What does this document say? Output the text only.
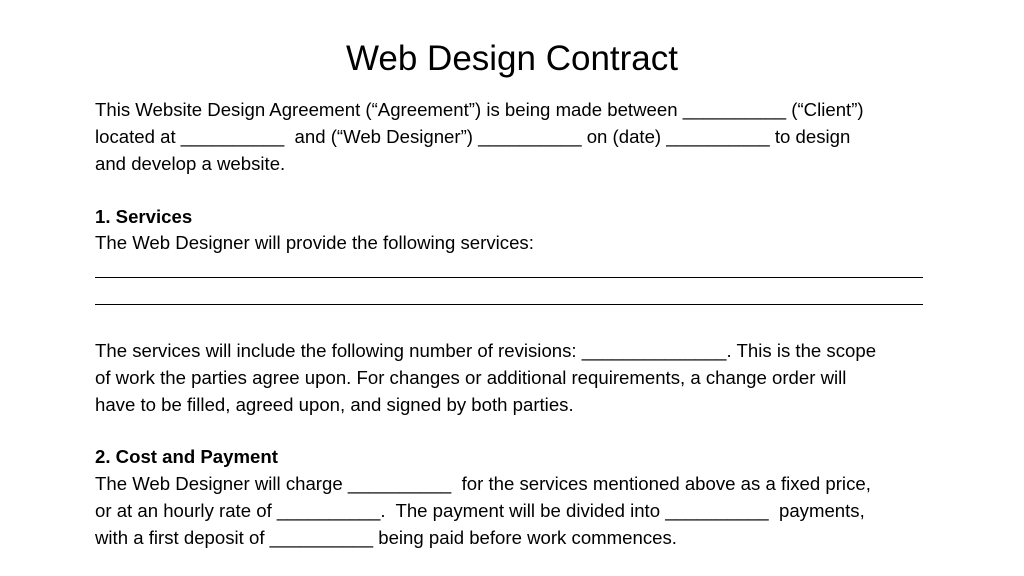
Web Design Contract

This Website Design Agreement (“Agreement”) is being made between __________ (“Client”)

located at __________  and (“Web Designer”) __________ on (date) __________ to design

and develop a website.

1. Services

The Web Designer will provide the following services:

The services will include the following number of revisions: ______________. This is the scope

of work the parties agree upon. For changes or additional requirements, a change order will

have to be filled, agreed upon, and signed by both parties.

2. Cost and Payment

The Web Designer will charge __________  for the services mentioned above as a fixed price,

or at an hourly rate of __________.  The payment will be divided into __________  payments,

with a first deposit of __________ being paid before work commences.
